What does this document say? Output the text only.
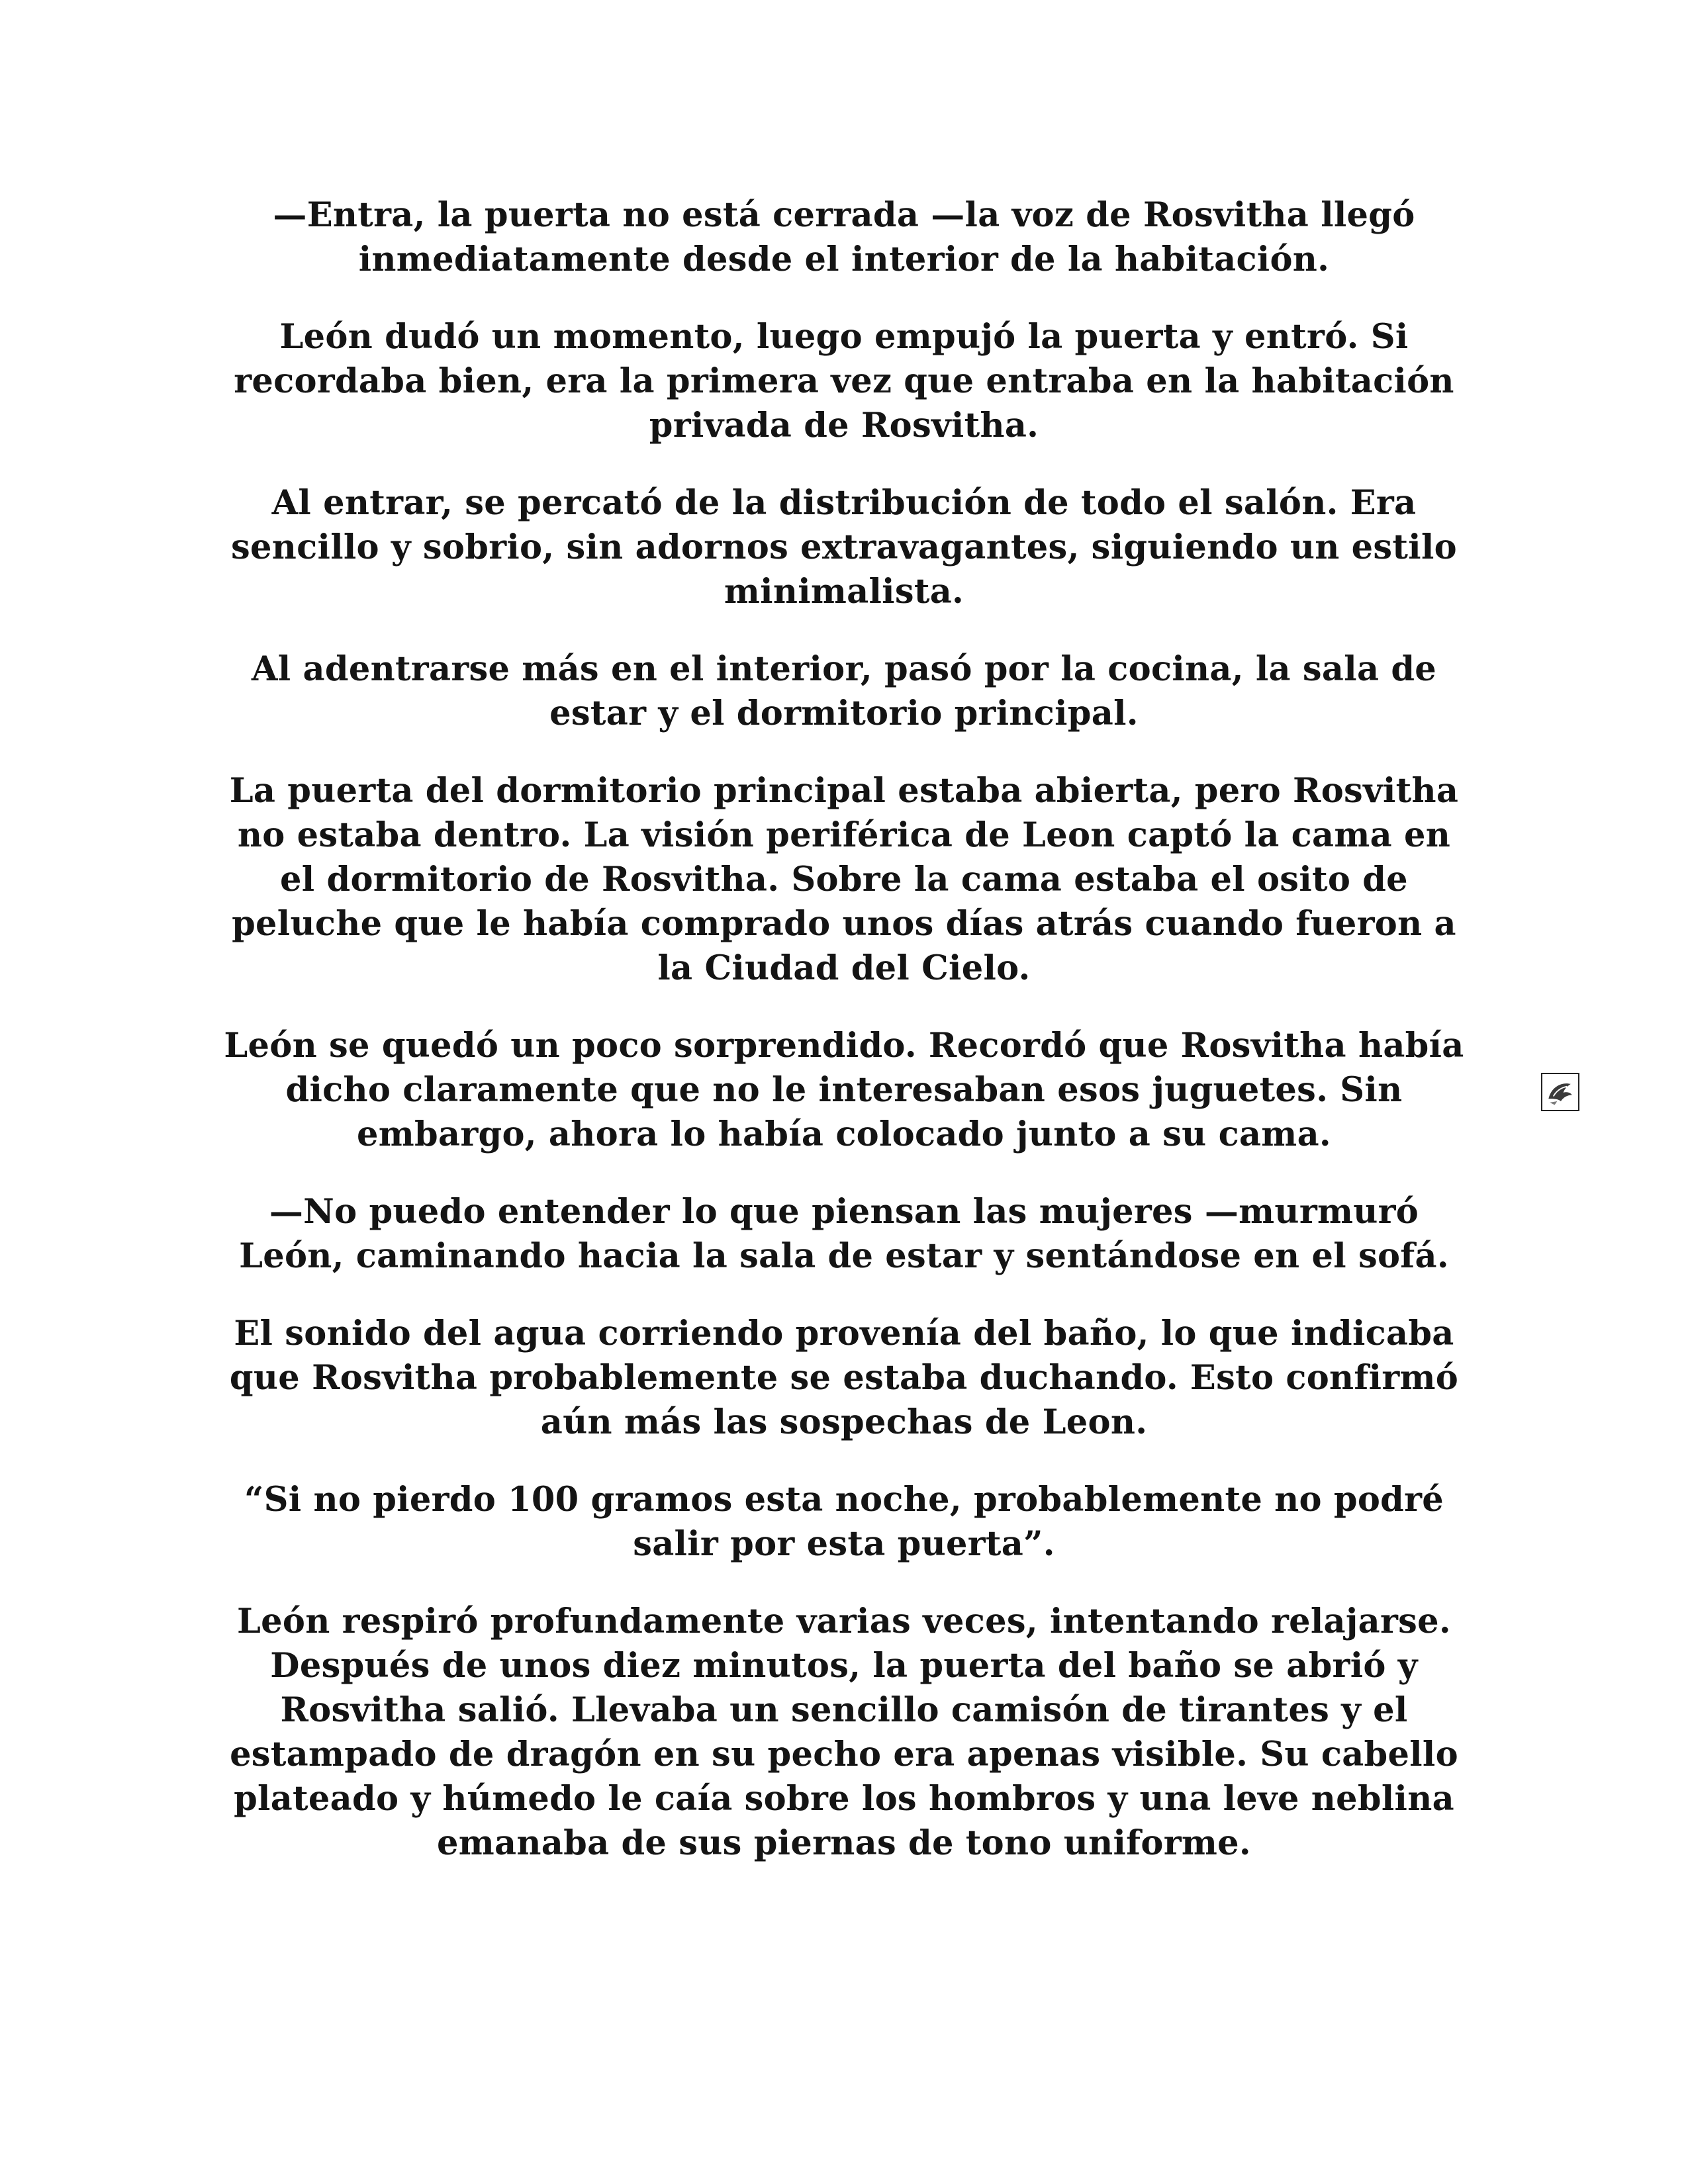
—Entra, la puerta no está cerrada —la voz de Rosvitha llegó inmediatamente desde el interior de la habitación.

León dudó un momento, luego empujó la puerta y entró. Si recordaba bien, era la primera vez que entraba en la habitación privada de Rosvitha.

Al entrar, se percató de la distribución de todo el salón. Era sencillo y sobrio, sin adornos extravagantes, siguiendo un estilo minimalista.

Al adentrarse más en el interior, pasó por la cocina, la sala de estar y el dormitorio principal.

La puerta del dormitorio principal estaba abierta, pero Rosvitha no estaba dentro. La visión periférica de Leon captó la cama en el dormitorio de Rosvitha. Sobre la cama estaba el osito de peluche que le había comprado unos días atrás cuando fueron a la Ciudad del Cielo.

León se quedó un poco sorprendido. Recordó que Rosvitha había dicho claramente que no le interesaban esos juguetes. Sin embargo, ahora lo había colocado junto a su cama.

—No puedo entender lo que piensan las mujeres —murmuró León, caminando hacia la sala de estar y sentándose en el sofá.

El sonido del agua corriendo provenía del baño, lo que indicaba que Rosvitha probablemente se estaba duchando. Esto confirmó aún más las sospechas de Leon.

“Si no pierdo 100 gramos esta noche, probablemente no podré salir por esta puerta”.

León respiró profundamente varias veces, intentando relajarse. Después de unos diez minutos, la puerta del baño se abrió y Rosvitha salió. Llevaba un sencillo camisón de tirantes y el estampado de dragón en su pecho era apenas visible. Su cabello plateado y húmedo le caía sobre los hombros y una leve neblina emanaba de sus piernas de tono uniforme.
